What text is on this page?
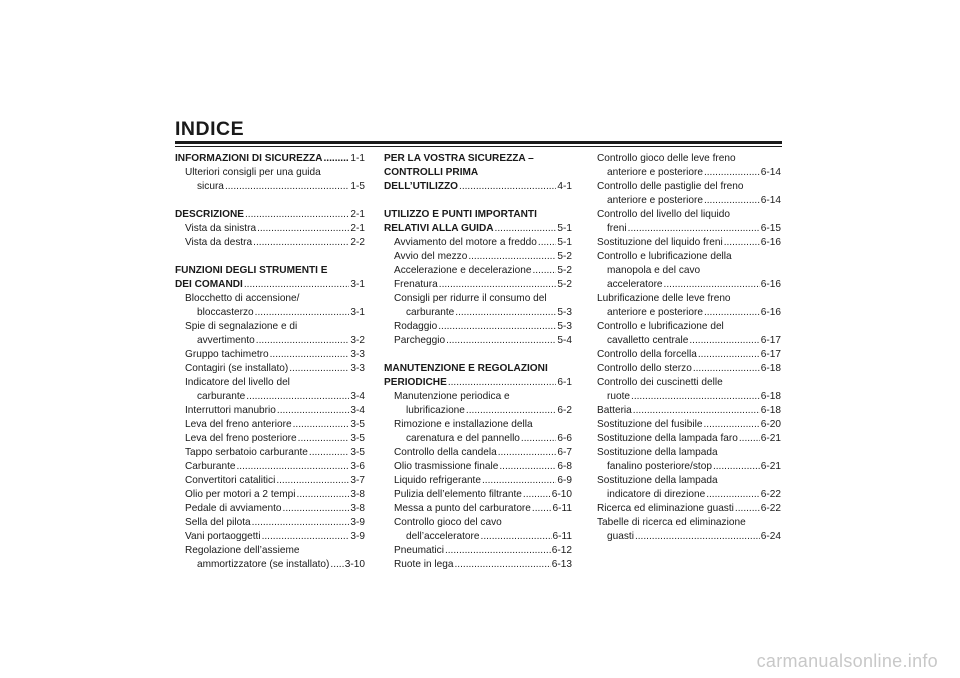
INDICE
INFORMAZIONI DI SICUREZZA .....	1-1
Ulteriori consigli per una guida
sicura .....	1-5
DESCRIZIONE .....	2-1
Vista da sinistra .....	2-1
Vista da destra .....	2-2
FUNZIONI DEGLI STRUMENTI E
DEI COMANDI .....	3-1
Blocchetto di accensione/
bloccasterzo .....	3-1
Spie di segnalazione e di
avvertimento .....	3-2
Gruppo tachimetro .....	3-3
Contagiri (se installato) .....	3-3
Indicatore del livello del
carburante .....	3-4
Interruttori manubrio .....	3-4
Leva del freno anteriore .....	3-5
Leva del freno posteriore .....	3-5
Tappo serbatoio carburante .....	3-5
Carburante .....	3-6
Convertitori catalitici .....	3-7
Olio per motori a 2 tempi .....	3-8
Pedale di avviamento .....	3-8
Sella del pilota .....	3-9
Vani portaoggetti .....	3-9
Regolazione dell’assieme
ammortizzatore (se installato) ..... 3-10
PER LA VOSTRA SICUREZZA –
CONTROLLI PRIMA
DELL’UTILIZZO .....	4-1
UTILIZZO E PUNTI IMPORTANTI
RELATIVI ALLA GUIDA .....	5-1
Avviamento del motore a freddo ..... 5-1
Avvio del mezzo .....	5-2
Accelerazione e decelerazione .....	5-2
Frenatura .....	5-2
Consigli per ridurre il consumo del
carburante .....	5-3
Rodaggio .....	5-3
Parcheggio .....	5-4
MANUTENZIONE E REGOLAZIONI
PERIODICHE .....	6-1
Manutenzione periodica e
lubrificazione .....	6-2
Rimozione e installazione della
carenatura e del pannello .....	6-6
Controllo della candela .....	6-7
Olio trasmissione finale .....	6-8
Liquido refrigerante .....	6-9
Pulizia dell’elemento filtrante .....	6-10
Messa a punto del carburatore ..... 6-11
Controllo gioco del cavo
dell’acceleratore .....	6-11
Pneumatici .....	6-12
Ruote in lega .....	6-13
Controllo gioco delle leve freno
anteriore e posteriore .....	6-14
Controllo delle pastiglie del freno
anteriore e posteriore .....	6-14
Controllo del livello del liquido
freni .....	6-15
Sostituzione del liquido freni .....	6-16
Controllo e lubrificazione della
manopola e del cavo
acceleratore .....	6-16
Lubrificazione delle leve freno
anteriore e posteriore .....	6-16
Controllo e lubrificazione del
cavalletto centrale .....	6-17
Controllo della forcella .....	6-17
Controllo dello sterzo .....	6-18
Controllo dei cuscinetti delle
ruote .....	6-18
Batteria .....	6-18
Sostituzione del fusibile .....	6-20
Sostituzione della lampada faro ..... 6-21
Sostituzione della lampada
fanalino posteriore/stop .....	6-21
Sostituzione della lampada
indicatore di direzione .....	6-22
Ricerca ed eliminazione guasti .....	6-22
Tabelle di ricerca ed eliminazione
guasti .....	6-24
carmanualsonline.info
